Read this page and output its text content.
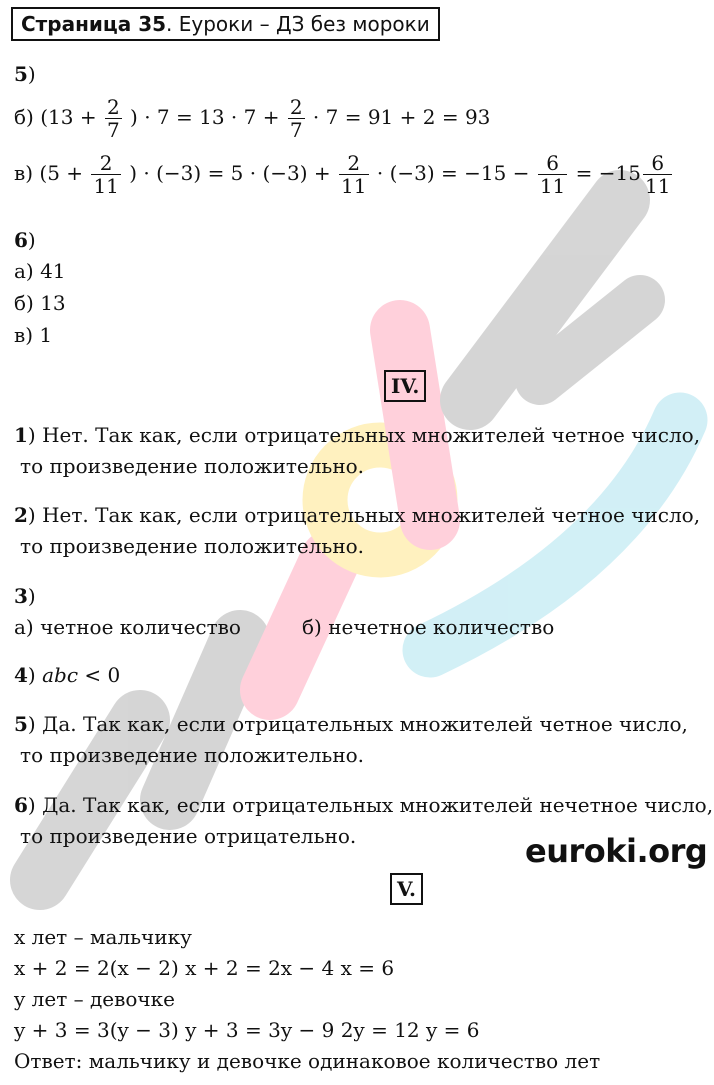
Страница 35. Еуроки – ДЗ без мороки
5)
б) ($13 + \frac{2}{7}$ ) · $7 = 13 \cdot 7 + \frac{2}{7} \cdot 7 = 91 + 2 = 93$
в) ($5 + \frac{2}{11}$ ) · $(-3) = 5 \cdot (-3) + \frac{2}{11} \cdot (-3) = -15 - \frac{6}{11} = -15 \frac{6}{11}$
6)
а) 41
б) 13
в) 1
IV.
1) Нет. Так как, если отрицательных множителей четное число,
то произведение положительно.
2) Нет. Так как, если отрицательных множителей четное число,
то произведение положительно.
3)
а) четное количество	б) нечетное количество
4) abc < 0
5) Да. Так как, если отрицательных множителей четное число,
то произведение положительно.
6) Да. Так как, если отрицательных множителей нечетное число,
то произведение отрицательно.	euroki.org
V.
x лет – мальчику
x + 2 = 2(x − 2) x + 2 = 2x − 4 x = 6
y лет – девочке
y + 3 = 3(y − 3) y + 3 = 3y − 9 2y = 12 y = 6
Ответ: мальчику и девочке одинаковое количество лет
